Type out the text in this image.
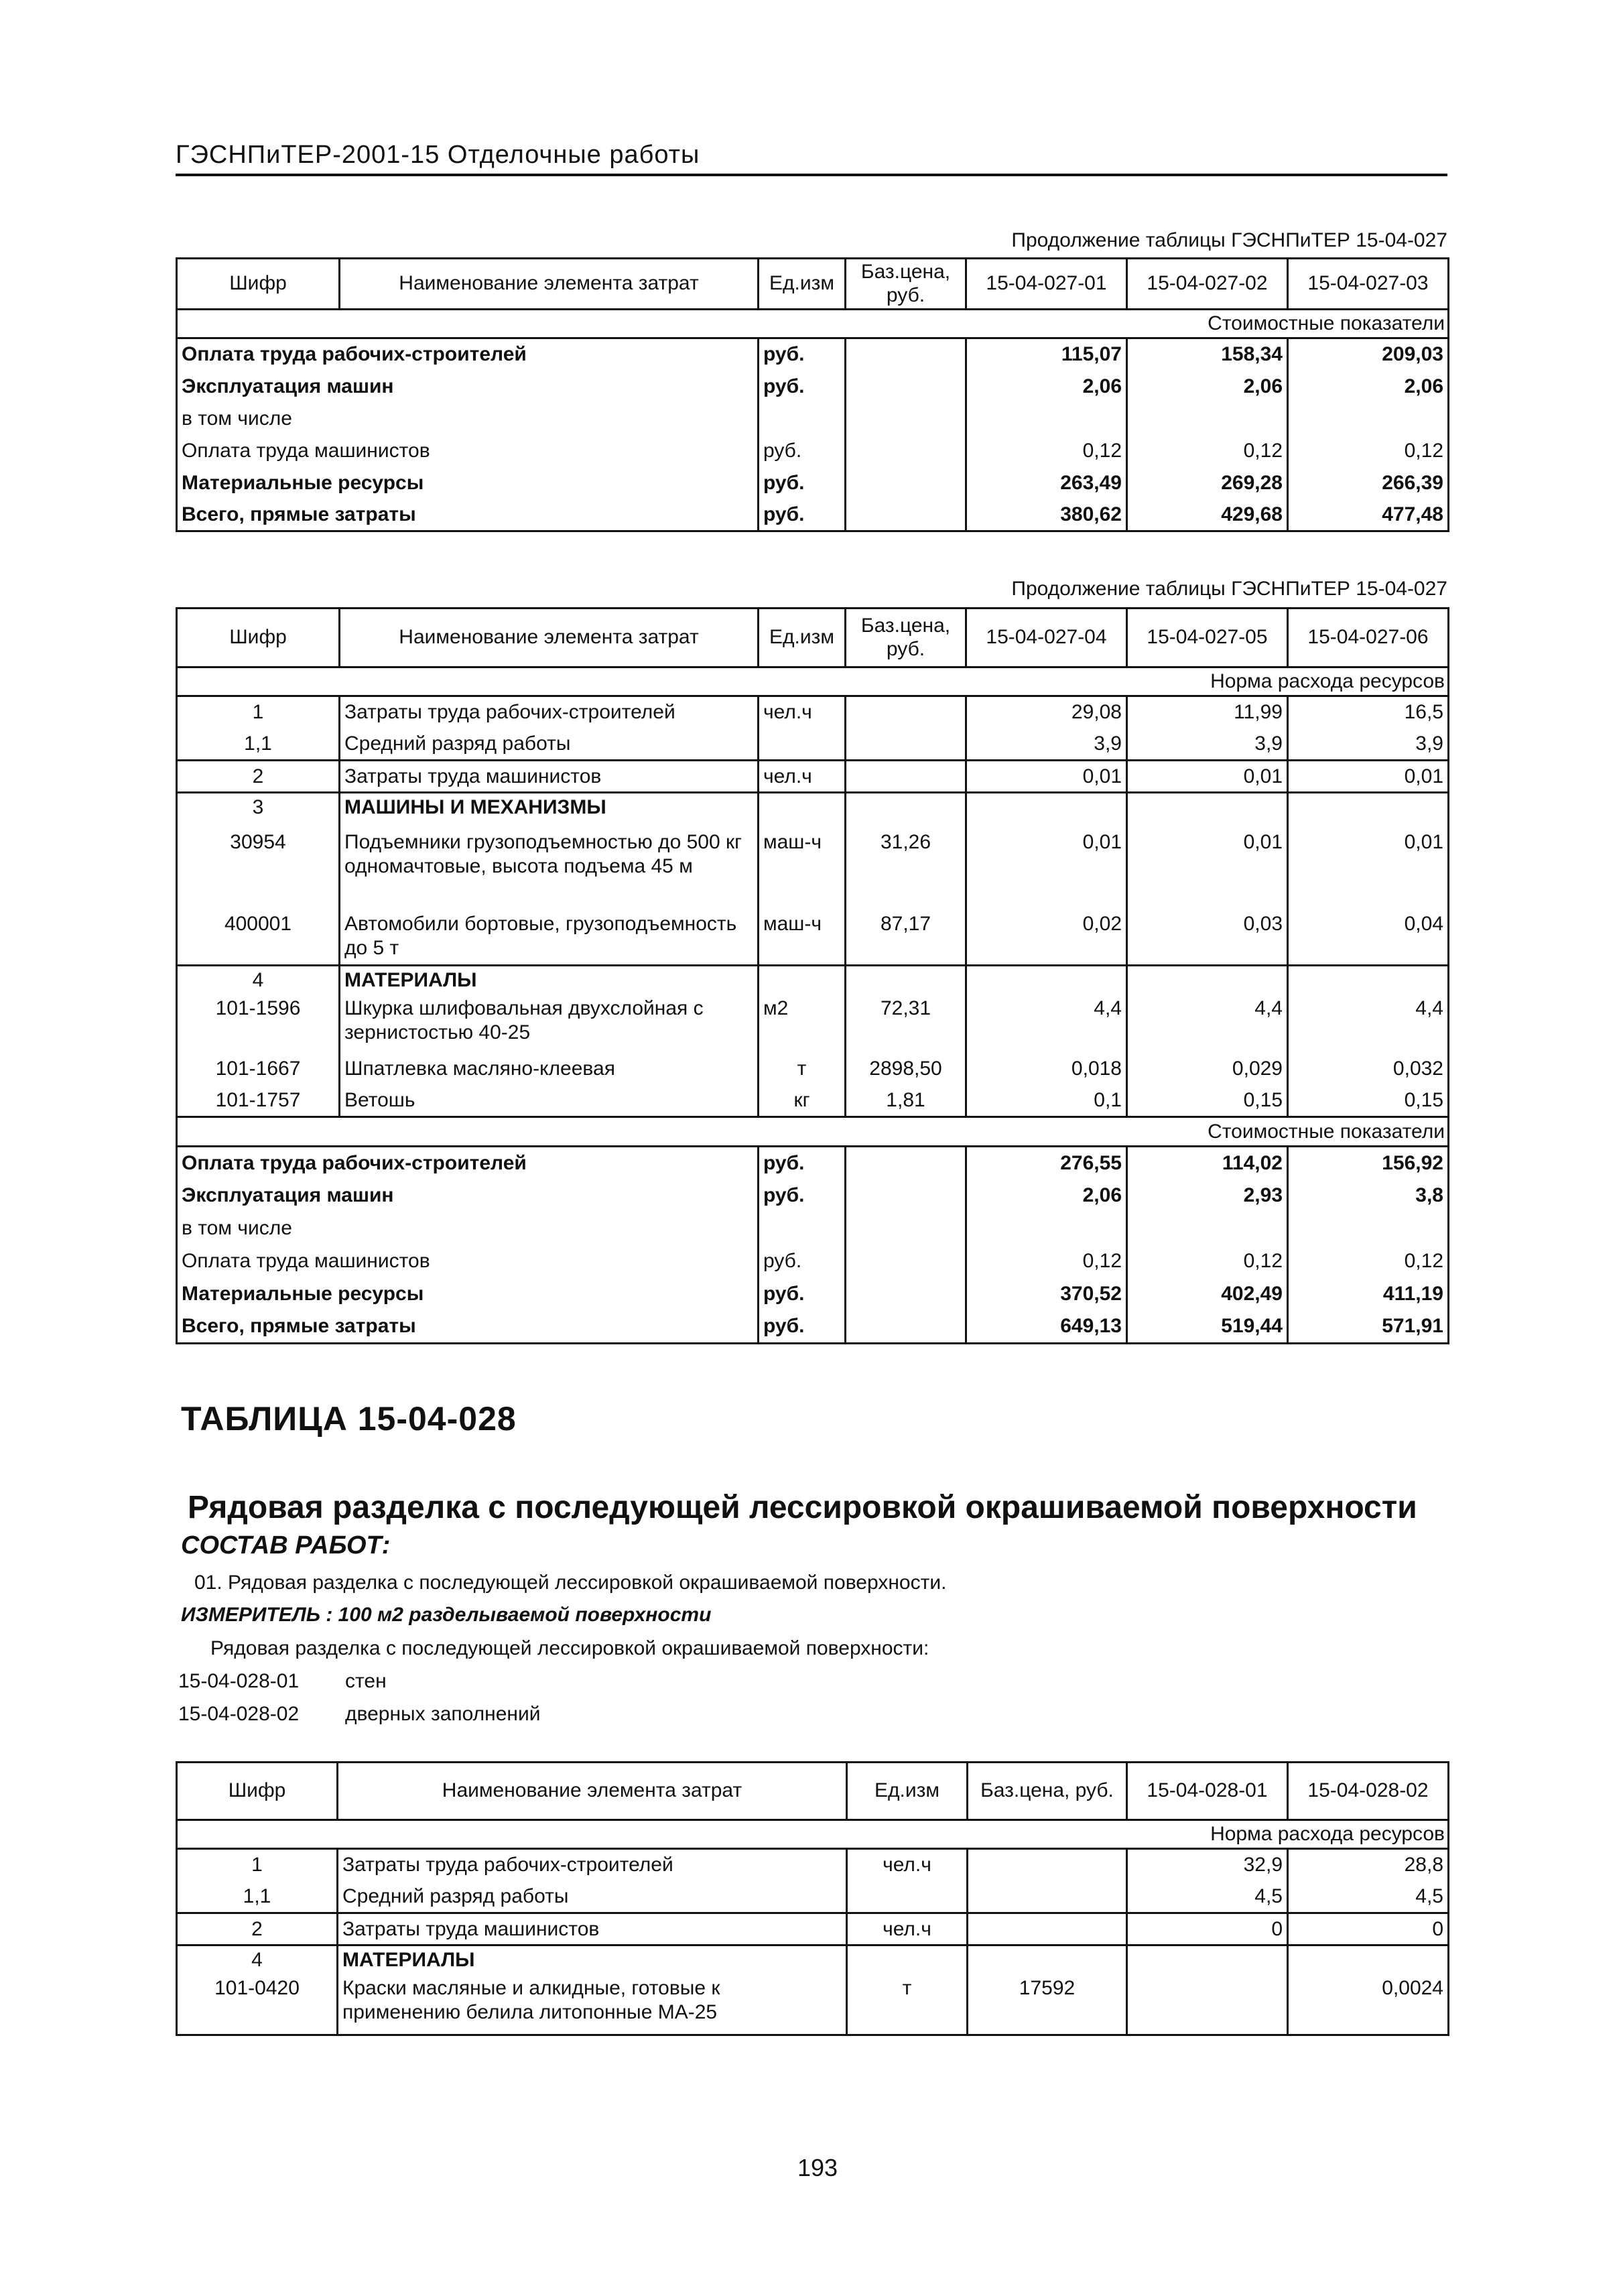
ГЭСНПиТЕР-2001-15 Отделочные работы
Продолжение таблицы ГЭСНПиТЕР 15-04-027
Шифр	Наименование элемента затрат	Ед.изм	Баз.цена, руб.	15-04-027-01	15-04-027-02	15-04-027-03
Стоимостные показатели						
Оплата труда рабочих-строителей		руб.		115,07	158,34	209,03
Эксплуатация машин		руб.		2,06	2,06	2,06
в том числе						
Оплата труда машинистов		руб.		0,12	0,12	0,12
Материальные ресурсы		руб.		263,49	269,28	266,39
Всего, прямые затраты		руб.		380,62	429,68	477,48
Продолжение таблицы ГЭСНПиТЕР 15-04-027
Шифр	Наименование элемента затрат	Ед.изм	Баз.цена, руб.	15-04-027-04	15-04-027-05	15-04-027-06
Норма расхода ресурсов						
1	Затраты труда рабочих-строителей	чел.ч		29,08	11,99	16,5
1,1	Средний разряд работы			3,9	3,9	3,9
2	Затраты труда машинистов	чел.ч		0,01	0,01	0,01
3	МАШИНЫ И МЕХАНИЗМЫ					
30954	Подъемники грузоподъемностью до 500 кг одномачтовые, высота подъема 45 м	маш-ч	31,26	0,01	0,01	0,01
400001	Автомобили бортовые, грузоподъемность до 5 т	маш-ч	87,17	0,02	0,03	0,04
4	МАТЕРИАЛЫ					
101-1596	Шкурка шлифовальная двухслойная с зернистостью 40-25	м2	72,31	4,4	4,4	4,4
101-1667	Шпатлевка масляно-клеевая	т	2898,50	0,018	0,029	0,032
101-1757	Ветошь	кг	1,81	0,1	0,15	0,15
Стоимостные показатели						
Оплата труда рабочих-строителей		руб.		276,55	114,02	156,92
Эксплуатация машин		руб.		2,06	2,93	3,8
в том числе						
Оплата труда машинистов		руб.		0,12	0,12	0,12
Материальные ресурсы		руб.		370,52	402,49	411,19
Всего, прямые затраты		руб.		649,13	519,44	571,91
ТАБЛИЦА 15-04-028
Рядовая разделка с последующей лессировкой окрашиваемой поверхности
СОСТАВ РАБОТ:
01. Рядовая разделка с последующей лессировкой окрашиваемой поверхности.
ИЗМЕРИТЕЛЬ : 100 м2 разделываемой поверхности
Рядовая разделка с последующей лессировкой окрашиваемой поверхности:
15-04-028-01 стен
15-04-028-02 дверных заполнений
Шифр	Наименование элемента затрат	Ед.изм	Баз.цена, руб.	15-04-028-01	15-04-028-02
Норма расхода ресурсов					
1	Затраты труда рабочих-строителей	чел.ч		32,9	28,8
1,1	Средний разряд работы			4,5	4,5
2	Затраты труда машинистов	чел.ч		0	0
4	МАТЕРИАЛЫ				
101-0420	Краски масляные и алкидные, готовые к применению белила литопонные МА-25	т	17592		0,0024
193
